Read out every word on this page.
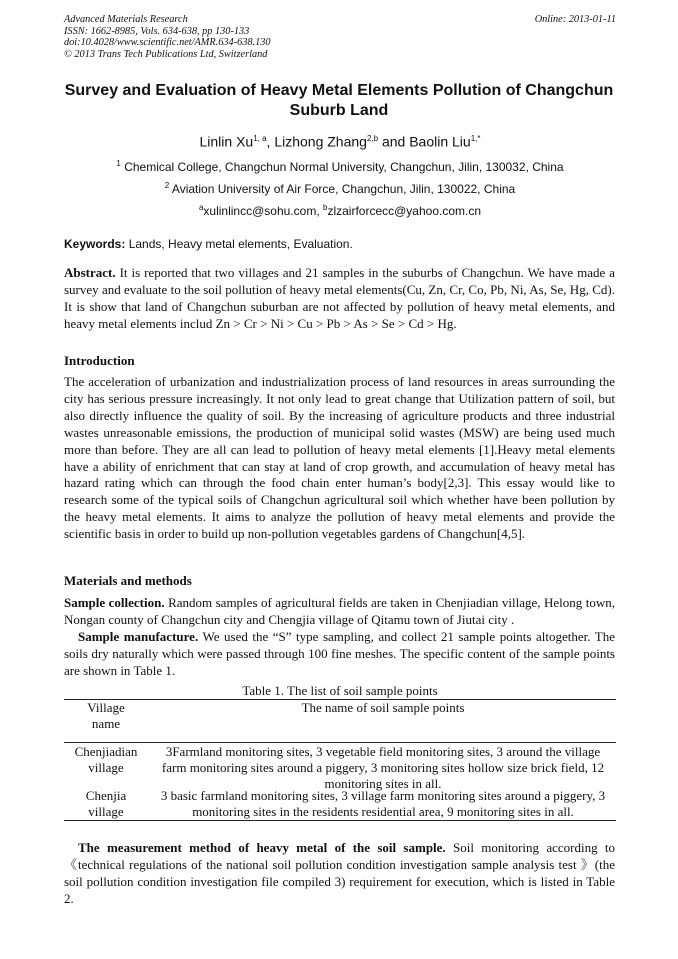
Advanced Materials Research
ISSN: 1662-8985, Vols. 634-638, pp 130-133
doi:10.4028/www.scientific.net/AMR.634-638.130
© 2013 Trans Tech Publications Ltd, Switzerland
Online: 2013-01-11
Survey and Evaluation of Heavy Metal Elements Pollution of Changchun
Suburb Land
Linlin Xu$^{1, a}$, Lizhong Zhang$^{2,b}$ and Baolin Liu$^{1,*}$
$^1$ Chemical College, Changchun Normal University, Changchun, Jilin, 130032, China
$^2$ Aviation University of Air Force, Changchun, Jilin, 130022, China
$^a$xulinlincc@sohu.com, $^b$zlzairforcecc@yahoo.com.cn
Keywords: Lands, Heavy metal elements, Evaluation.
Abstract. It is reported that two villages and 21 samples in the suburbs of Changchun. We have made a survey and evaluate to the soil pollution of heavy metal elements(Cu, Zn, Cr, Co, Pb, Ni, As, Se, Hg, Cd). It is show that land of Changchun suburban are not affected by pollution of heavy metal elements, and heavy metal elements includ Zn > Cr > Ni > Cu > Pb > As > Se > Cd > Hg.
Introduction
The acceleration of urbanization and industrialization process of land resources in areas surrounding the city has serious pressure increasingly. It not only lead to great change that Utilization pattern of soil, but also directly influence the quality of soil. By the increasing of agriculture products and three industrial wastes unreasonable emissions, the production of municipal solid wastes (MSW) are being used much more than before. They are all can lead to pollution of heavy metal elements [1].Heavy metal elements have a ability of enrichment that can stay at land of crop growth, and accumulation of heavy metal has hazard rating which can through the food chain enter human’s body[2,3]. This essay would like to research some of the typical soils of Changchun agricultural soil which whether have been pollution by the heavy metal elements. It aims to analyze the pollution of heavy metal elements and provide the scientific basis in order to build up non-pollution vegetables gardens of Changchun[4,5].
Materials and methods
Sample collection. Random samples of agricultural fields are taken in Chenjiadian village, Helong town, Nongan county of Changchun city and Chengjia village of Qitamu town of Jiutai city .
Sample manufacture. We used the “S” type sampling, and collect 21 sample points altogether. The soils dry naturally which were passed through 100 fine meshes. The specific content of the sample points are shown in Table 1.
Table 1. The list of soil sample points
Village
name
The name of soil sample points
Chenjiadian
village
3Farmland monitoring sites, 3 vegetable field monitoring sites, 3 around the village
farm monitoring sites around a piggery, 3 monitoring sites hollow size brick field, 12
monitoring sites in all.
Chenjia
village
3 basic farmland monitoring sites, 3 village farm monitoring sites around a piggery, 3
monitoring sites in the residents residential area, 9 monitoring sites in all.
The measurement method of heavy metal of the soil sample. Soil monitoring according to 《technical regulations of the national soil pollution condition investigation sample analysis test 》(the soil pollution condition investigation file compiled 3) requirement for execution, which is listed in Table 2.
